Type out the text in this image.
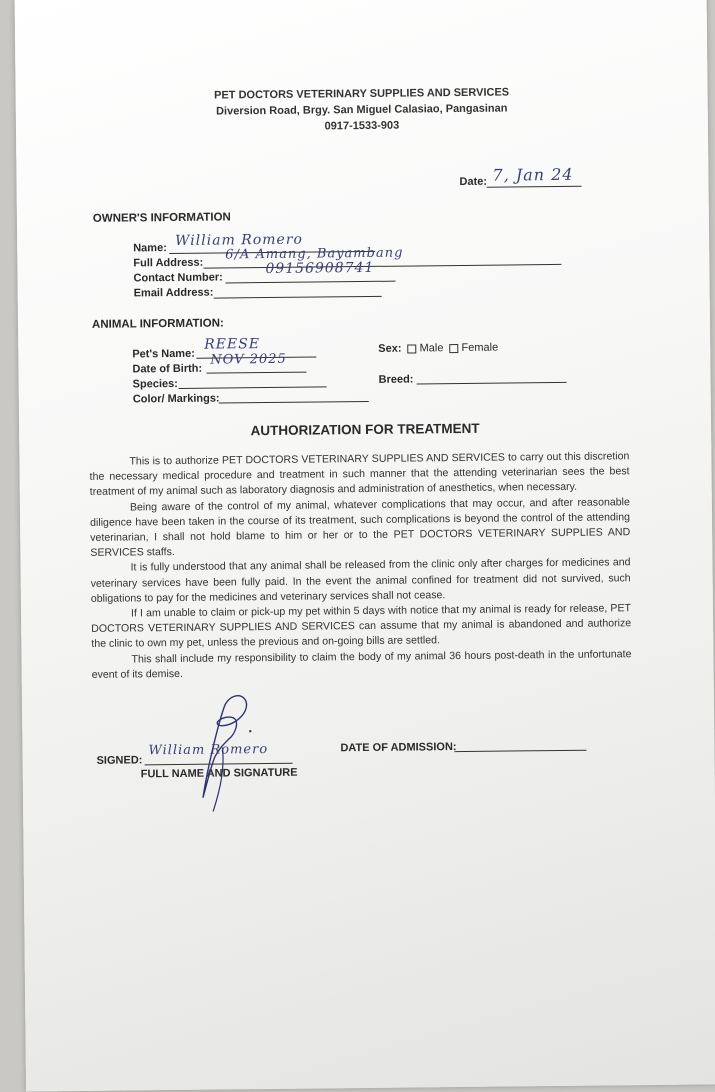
PET DOCTORS VETERINARY SUPPLIES AND SERVICES
Diversion Road, Brgy. San Miguel Calasiao, Pangasinan
0917-1533-903
Date: 7, Jan 24
OWNER'S INFORMATION
Name: William Romero
Full Address:
6/A Amang, Bayambang
Contact Number:
09156908741
Email Address:
ANIMAL INFORMATION:
Pet's Name:
REESE
Date of Birth:
NOV 2025
Species:
Color/ Markings:
Sex: Male Female
Breed:
AUTHORIZATION FOR TREATMENT

This is to authorize PET DOCTORS VETERINARY SUPPLIES AND SERVICES to carry out this discretion the necessary medical procedure and treatment in such manner that the attending veterinarian sees the best treatment of my animal such as laboratory diagnosis and administration of anesthetics, when necessary.

Being aware of the control of my animal, whatever complications that may occur, and after reasonable diligence have been taken in the course of its treatment, such complications is beyond the control of the attending veterinarian, I shall not hold blame to him or her or to the PET DOCTORS VETERINARY SUPPLIES AND SERVICES staffs.

It is fully understood that any animal shall be released from the clinic only after charges for medicines and veterinary services have been fully paid. In the event the animal confined for treatment did not survived, such obligations to pay for the medicines and veterinary services shall not cease.

If I am unable to claim or pick-up my pet within 5 days with notice that my animal is ready for release, PET DOCTORS VETERINARY SUPPLIES AND SERVICES can assume that my animal is abandoned and authorize the clinic to own my pet, unless the previous and on-going bills are settled.

This shall include my responsibility to claim the body of my animal 36 hours post-death in the unfortunate event of its demise.

SIGNED:
William Romero
FULL NAME AND SIGNATURE
DATE OF ADMISSION:
